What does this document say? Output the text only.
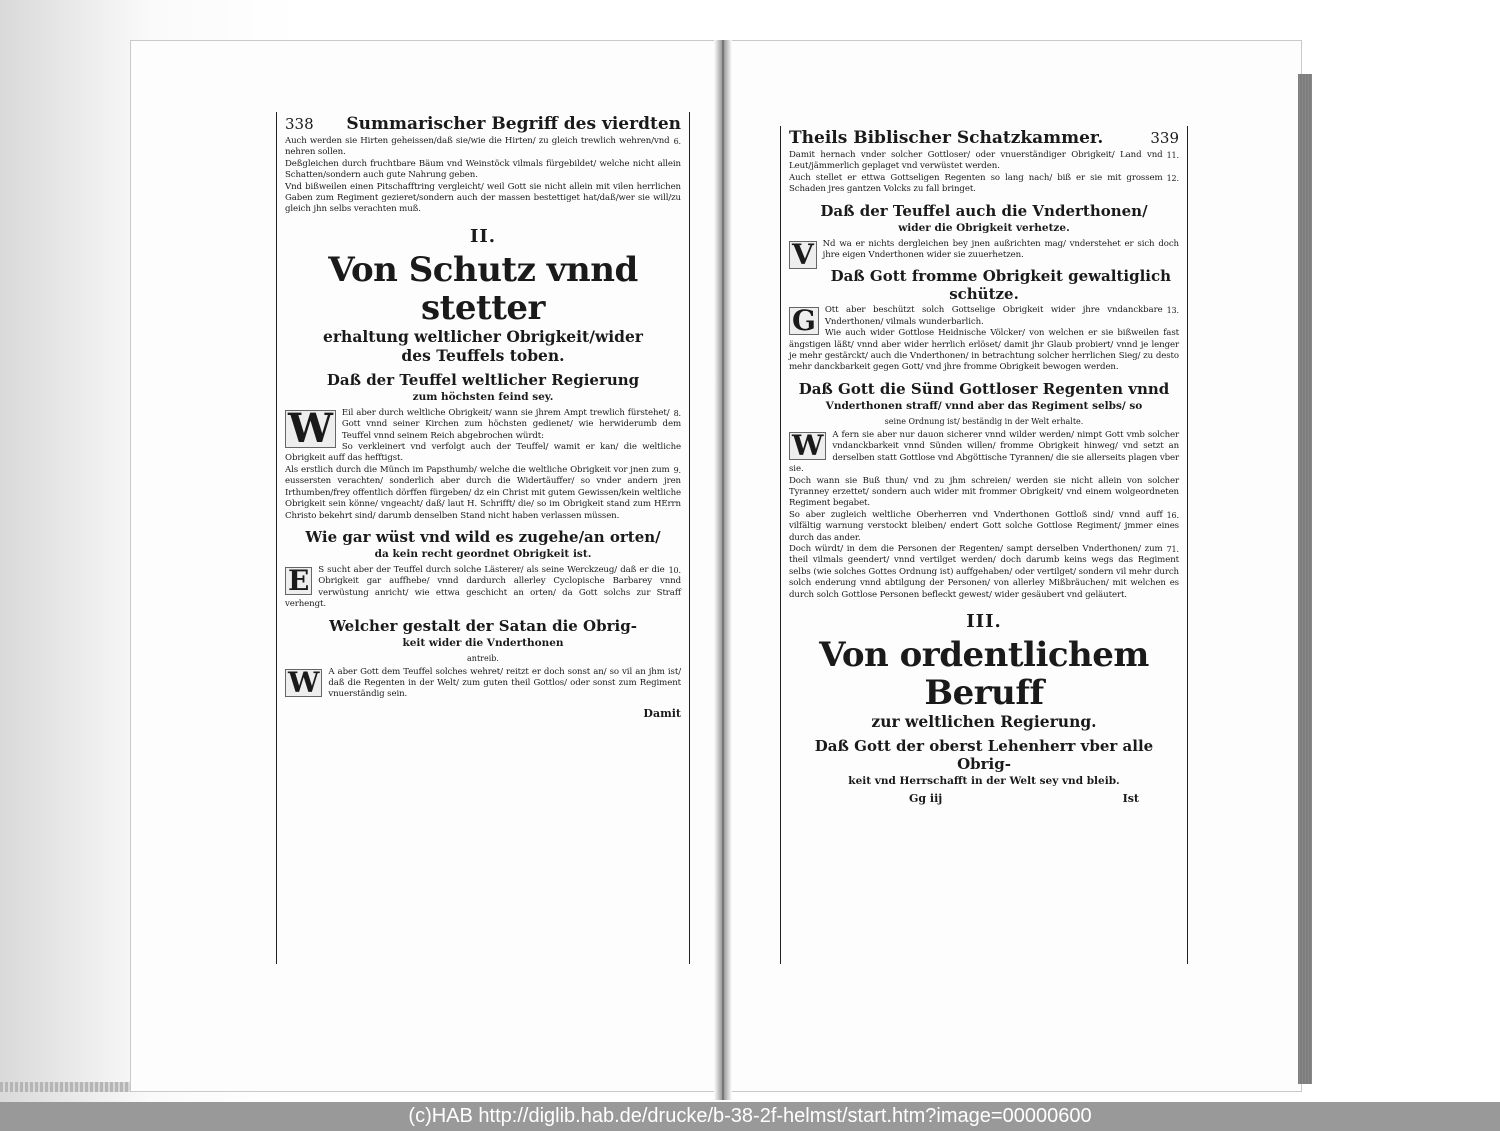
338 Summarischer Begriff des vierdten

6.
Auch werden sie Hirten geheissen/daß sie/wie die Hirten/ zu gleich trewlich wehren/vnd nehren sollen.

Deßgleichen durch fruchtbare Bäum vnd Weinstöck vilmals fürgebildet/ welche nicht allein Schatten/sondern auch gute Nahrung geben.

Vnd bißweilen einen Pitschafftring vergleicht/ weil Gott sie nicht allein mit vilen herrlichen Gaben zum Regiment gezieret/sondern auch der massen bestettiget hat/daß/wer sie will/zu gleich jhn selbs verachten muß.

II.
Von Schutz vnnd stetter
erhaltung weltlicher Obrigkeit/wider
des Teuffels toben.
Daß der Teuffel weltlicher Regierung
zum höchsten feind sey.

W	8.
Eil aber durch weltliche Obrigkeit/ wann sie jhrem Ampt trewlich fürstehet/ Gott vnnd seiner Kirchen zum höchsten gedienet/ wie herwiderumb dem Teuffel vnnd seinem Reich abgebrochen würdt:

So verkleinert vnd verfolgt auch der Teuffel/ wamit er kan/ die weltliche Obrigkeit auff das hefftigst.

9.
Als erstlich durch die Münch im Papsthumb/ welche die weltliche Obrigkeit vor jnen zum eussersten verachten/ sonderlich aber durch die Widertäuffer/ so vnder andern jren Irthumben/frey offentlich dörffen fürgeben/ dz ein Christ mit gutem Gewissen/kein weltliche Obrigkeit sein könne/ vngeacht/ daß/ laut H. Schrifft/ die/ so im Obrigkeit stand zum HErrn Christo bekehrt sind/ darumb denselben Stand nicht haben verlassen müssen.

Wie gar wüst vnd wild es zugehe/an orten/
da kein recht geordnet Obrigkeit ist.

E	10.
S sucht aber der Teuffel durch solche Lästerer/ als seine Werckzeug/ daß er die Obrigkeit gar auffhebe/ vnnd dardurch allerley Cyclopische Barbarey vnnd verwüstung anricht/ wie ettwa geschicht an orten/ da Gott solchs zur Straff verhengt.

Welcher gestalt der Satan die Obrig-
keit wider die Vnderthonen
antreib.

W	A aber Gott dem Teuffel solches wehret/ reitzt er doch sonst an/ so vil an jhm ist/ daß die Regenten in der Welt/ zum guten theil Gottlos/ oder sonst zum Regiment vnuerständig sein.

Damit
Theils Biblischer Schatzkammer.	339

11.
Damit hernach vnder solcher Gottloser/ oder vnuerständiger Obrigkeit/ Land vnd Leut/jämmerlich geplaget vnd verwüstet werden.

12.
Auch stellet er ettwa Gottseligen Regenten so lang nach/ biß er sie mit grossem Schaden jres gantzen Volcks zu fall bringet.

Daß der Teuffel auch die Vnderthonen/
wider die Obrigkeit verhetze.

V	Nd wa er nichts dergleichen bey jnen außrichten mag/ vnderstehet er sich doch jhre eigen Vnderthonen wider sie zuuerhetzen.

Daß Gott fromme Obrigkeit gewaltiglich schütze.

G	13.
Ott aber beschützt solch Gottselige Obrigkeit wider jhre vndanckbare Vnderthonen/ vilmals wunderbarlich.

Wie auch wider Gottlose Heidnische Völcker/ von welchen er sie bißweilen fast ängstigen läßt/ vnnd aber wider herrlich erlöset/ damit jhr Glaub probiert/ vnnd je lenger je mehr gestärckt/ auch die Vnderthonen/ in betrachtung solcher herrlichen Sieg/ zu desto mehr danckbarkeit gegen Gott/ vnd jhre fromme Obrigkeit bewogen werden.

Daß Gott die Sünd Gottloser Regenten vnnd
Vnderthonen straff/ vnnd aber das Regiment selbs/ so
seine Ordnung ist/ beständig in der Welt erhalte.

W	A fern sie aber nur dauon sicherer vnnd wilder werden/ nimpt Gott vmb solcher vndanckbarkeit vnnd Sünden willen/ fromme Obrigkeit hinweg/ vnd setzt an derselben statt Gottlose vnd Abgöttische Tyrannen/ die sie allerseits plagen vber sie.

Doch wann sie Buß thun/ vnd zu jhm schreien/ werden sie nicht allein von solcher Tyranney erzettet/ sondern auch wider mit frommer Obrigkeit/ vnd einem wolgeordneten Regiment begabet.

16.
So aber zugleich weltliche Oberherren vnd Vnderthonen Gottloß sind/ vnnd auff vilfältig warnung verstockt bleiben/ endert Gott solche Gottlose Regiment/ jmmer eines durch das ander.

71.
Doch würdt/ in dem die Personen der Regenten/ sampt derselben Vnderthonen/ zum theil vilmals geendert/ vnnd vertilget werden/ doch darumb keins wegs das Regiment selbs (wie solches Gottes Ordnung ist) auffgehaben/ oder vertilget/ sondern vil mehr durch solch enderung vnnd abtilgung der Personen/ von allerley Mißbräuchen/ mit welchen es durch solch Gottlose Personen befleckt gewest/ wider gesäubert vnd geläutert.

III.
Von ordentlichem Beruff
zur weltlichen Regierung.
Daß Gott der oberst Lehenherr vber alle Obrig-
keit vnd Herrschafft in der Welt sey vnd bleib.
Gg iij	Ist
(c)HAB http://diglib.hab.de/drucke/b-38-2f-helmst/start.htm?image=00000600
